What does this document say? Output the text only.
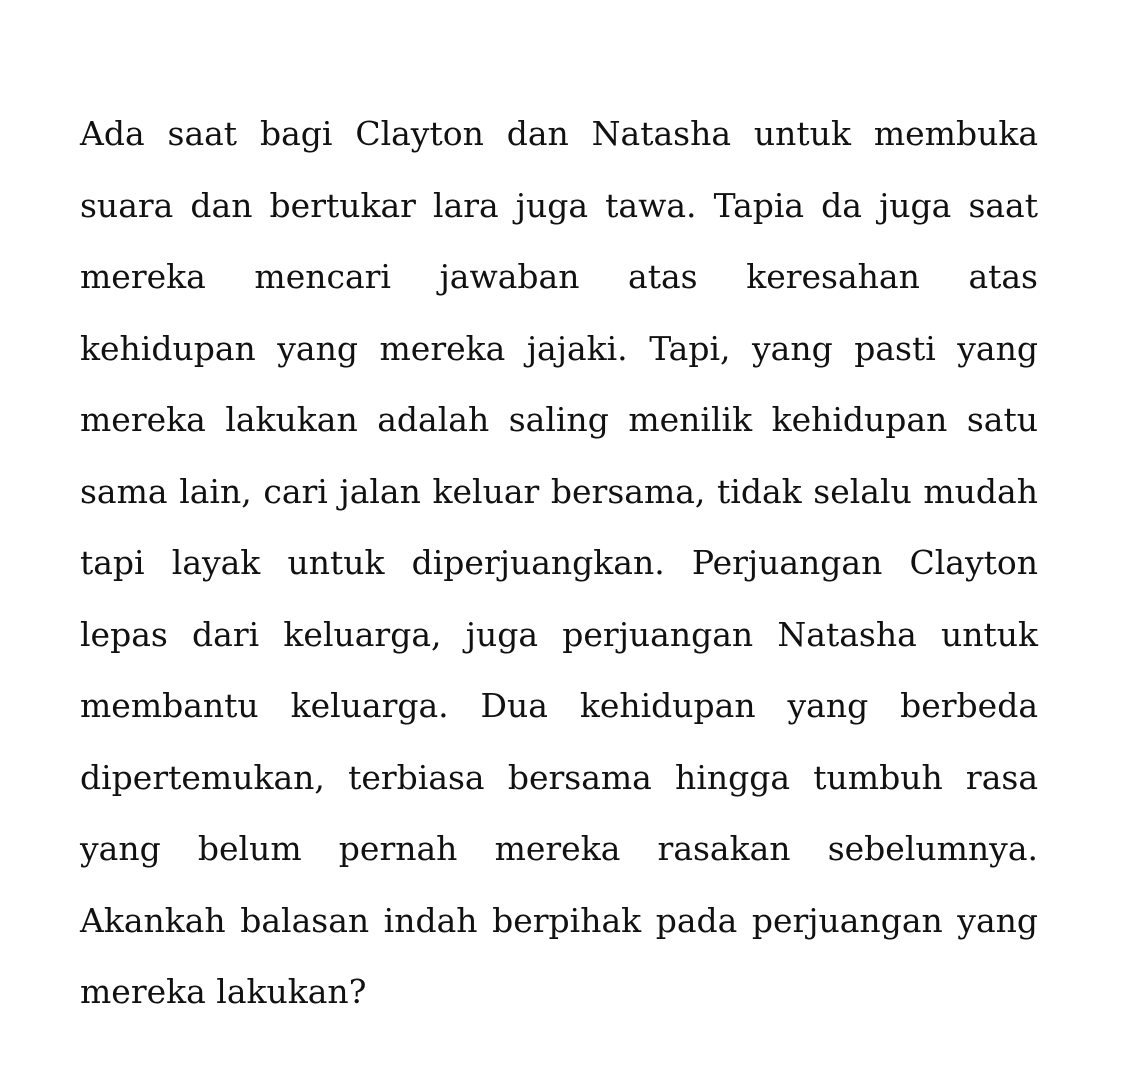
Ada saat bagi Clayton dan Natasha untuk membuka
suara dan bertukar lara juga tawa. Tapia da juga saat
mereka mencari jawaban atas keresahan atas
kehidupan yang mereka jajaki. Tapi, yang pasti yang
mereka lakukan adalah saling menilik kehidupan satu
sama lain, cari jalan keluar bersama, tidak selalu mudah
tapi layak untuk diperjuangkan. Perjuangan Clayton
lepas dari keluarga, juga perjuangan Natasha untuk
membantu keluarga. Dua kehidupan yang berbeda
dipertemukan, terbiasa bersama hingga tumbuh rasa
yang belum pernah mereka rasakan sebelumnya.
Akankah balasan indah berpihak pada perjuangan yang
mereka lakukan?
